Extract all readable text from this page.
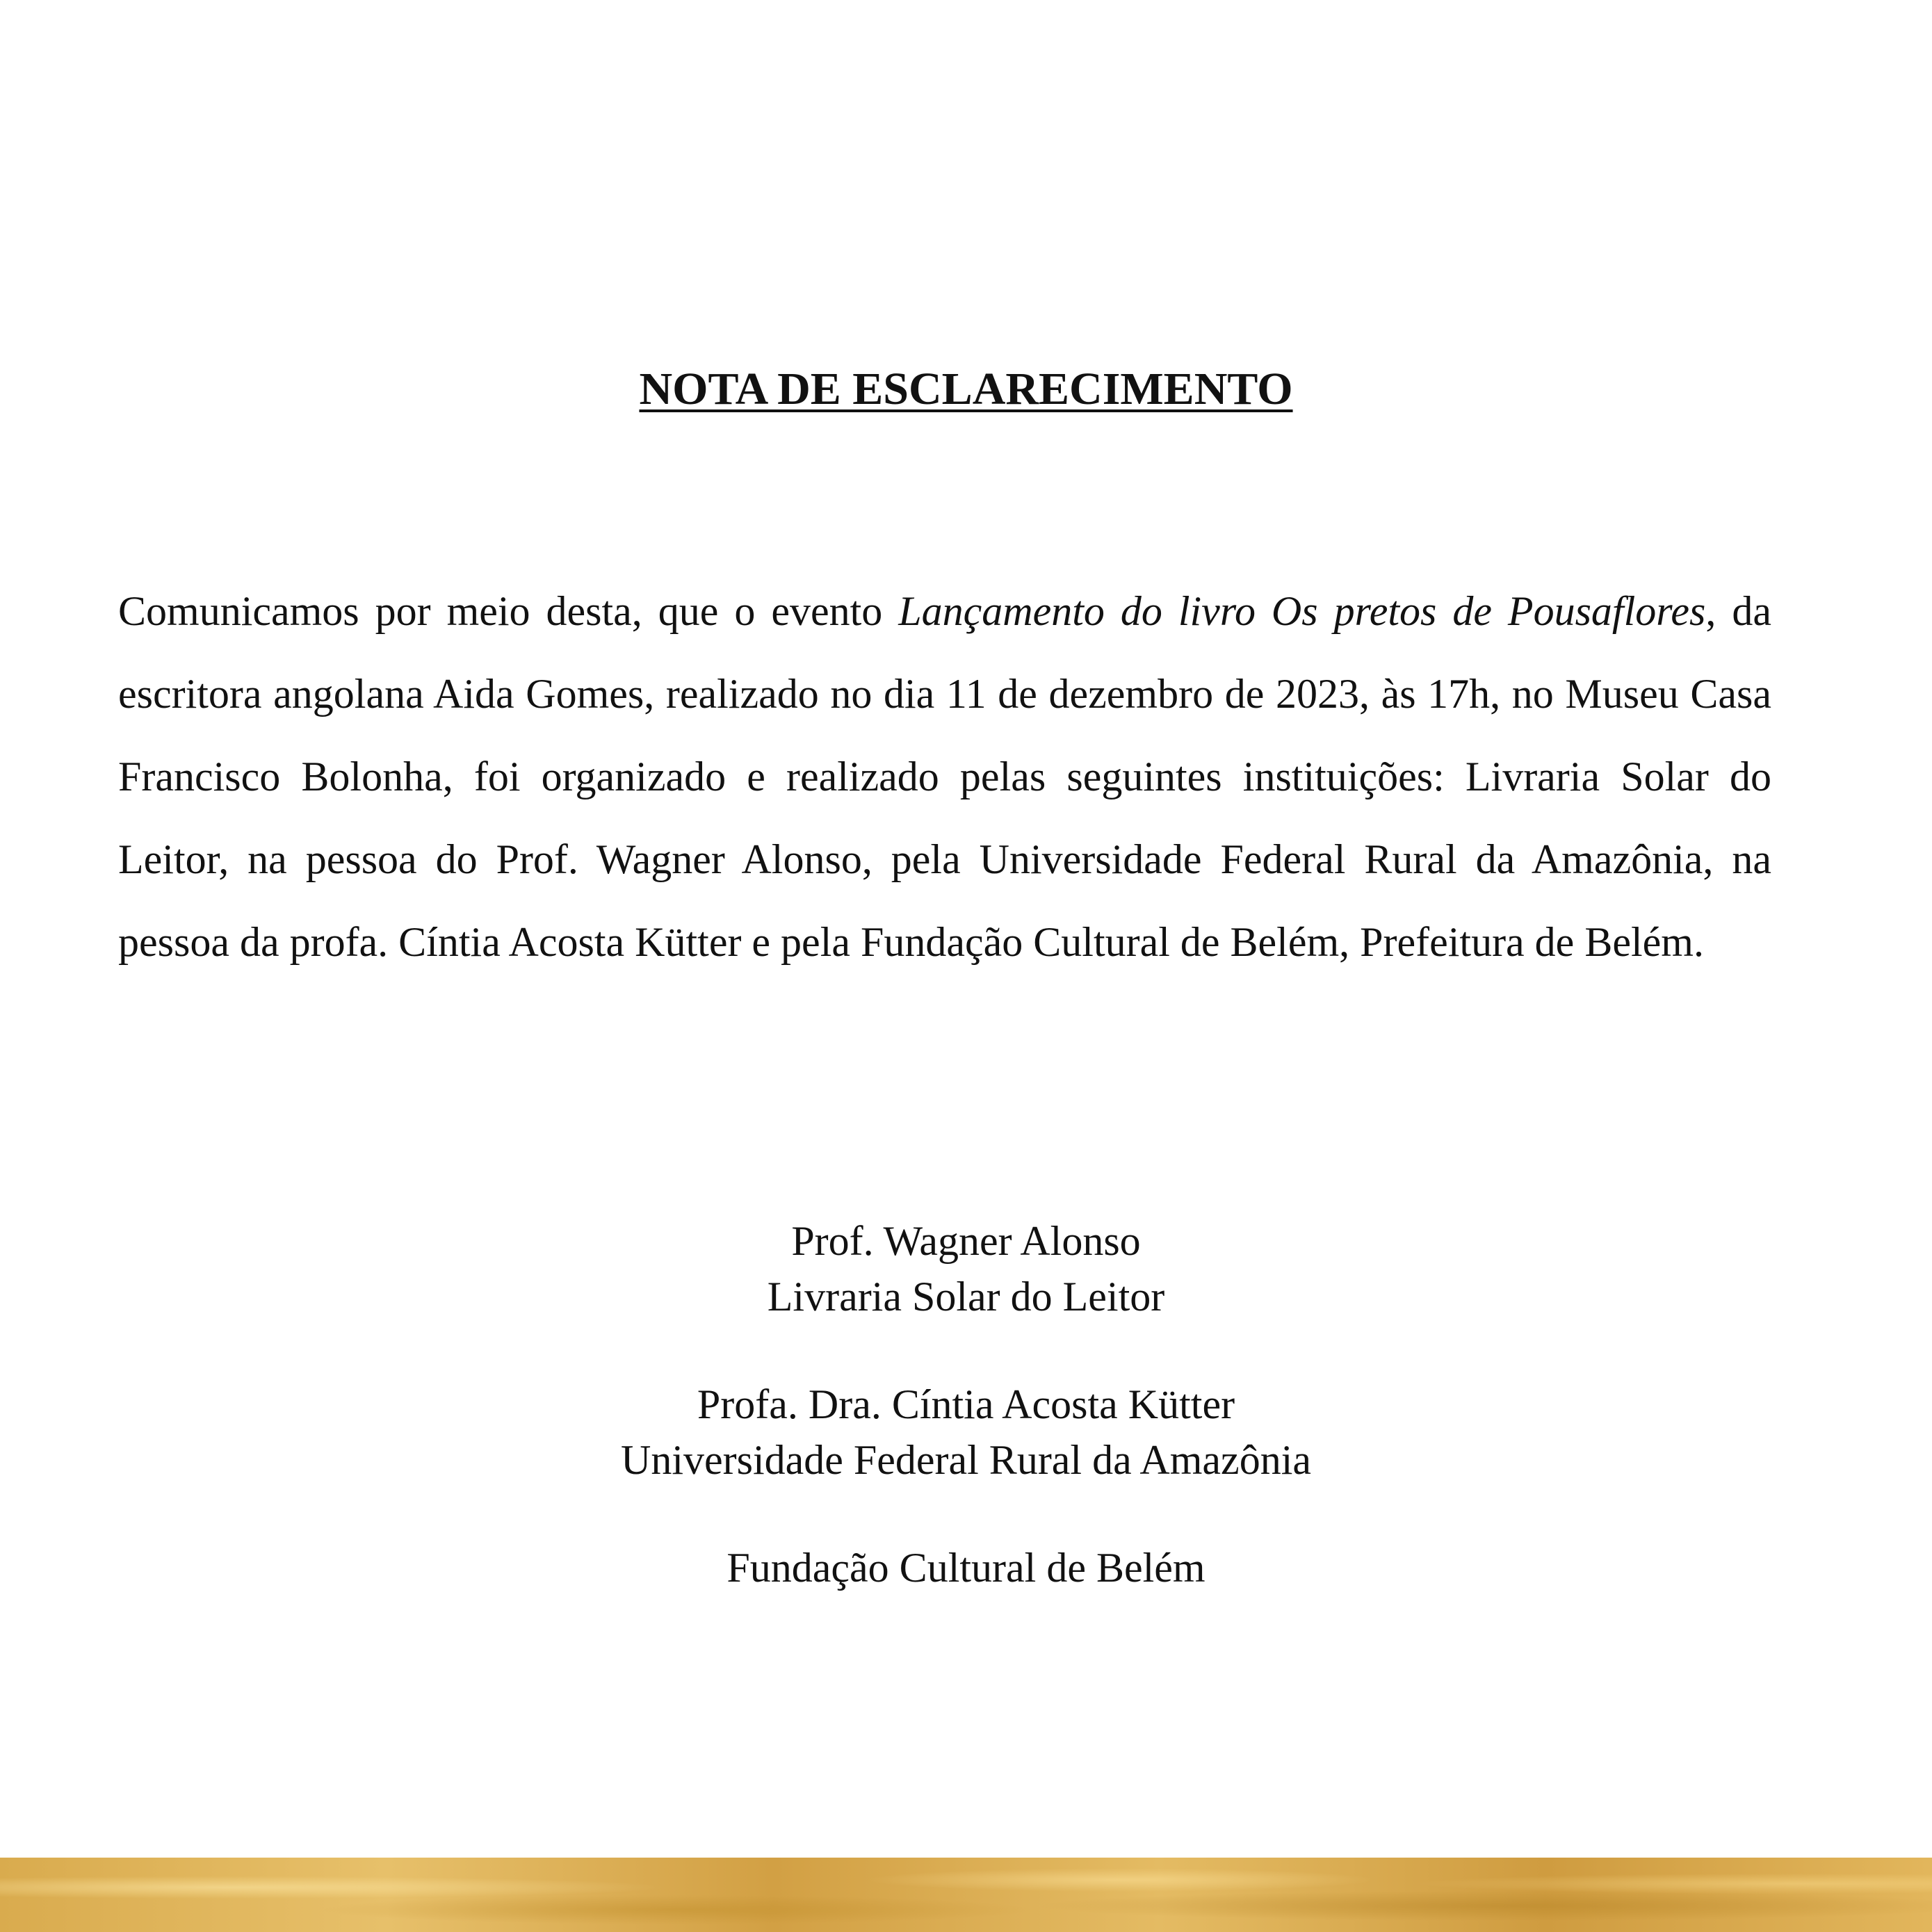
NOTA DE ESCLARECIMENTO

Comunicamos por meio desta, que o evento Lançamento do livro Os pretos de Pousaflores, da escritora angolana Aida Gomes, realizado no dia 11 de dezembro de 2023, às 17h, no Museu Casa Francisco Bolonha, foi organizado e realizado pelas seguintes instituições: Livraria Solar do Leitor, na pessoa do Prof. Wagner Alonso, pela Universidade Federal Rural da Amazônia, na pessoa da profa. Cíntia Acosta Kütter e pela Fundação Cultural de Belém, Prefeitura de Belém.

Prof. Wagner Alonso
Livraria Solar do Leitor
Profa. Dra. Cíntia Acosta Kütter
Universidade Federal Rural da Amazônia
Fundação Cultural de Belém
